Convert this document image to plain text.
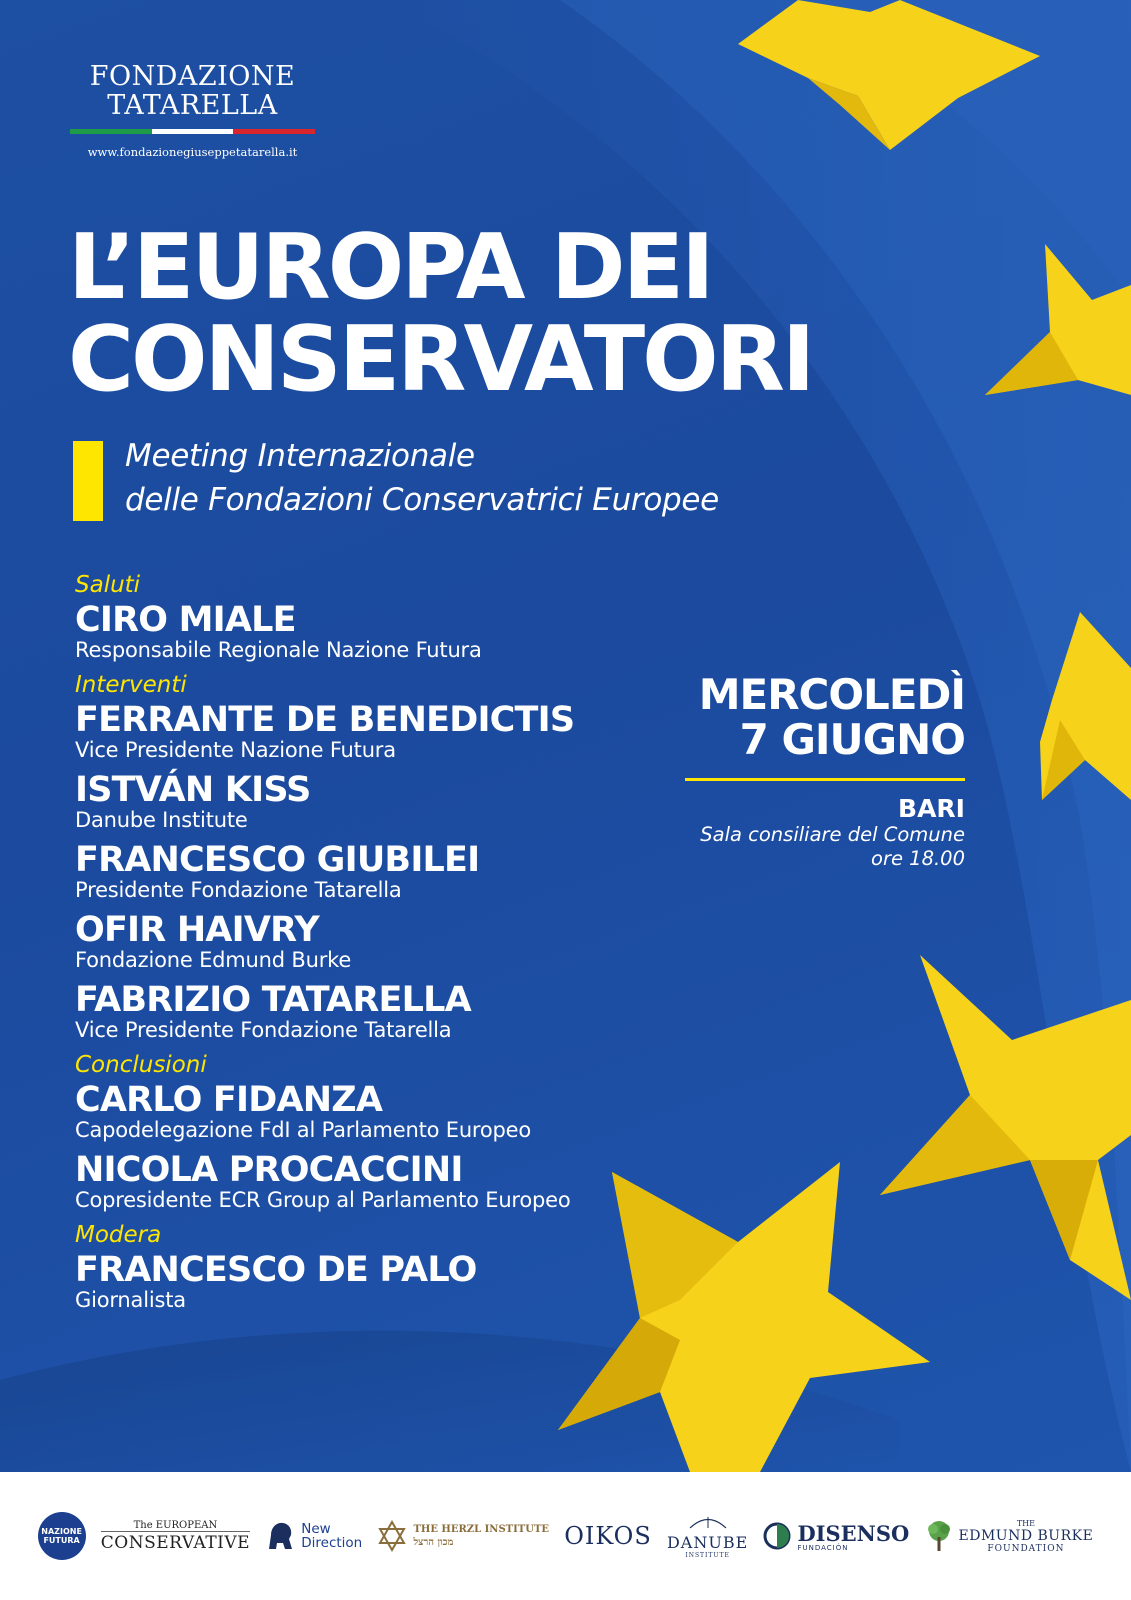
FONDAZIONE
TATARELLA
www.fondazionegiuseppetatarella.it
L’EUROPA DEI
CONSERVATORI
Meeting Internazionale
delle Fondazioni Conservatrici Europee
Saluti
CIRO MIALE
Responsabile Regionale Nazione Futura
Interventi
FERRANTE DE BENEDICTIS
Vice Presidente Nazione Futura
ISTVÁN KISS
Danube Institute
FRANCESCO GIUBILEI
Presidente Fondazione Tatarella
OFIR HAIVRY
Fondazione Edmund Burke
FABRIZIO TATARELLA
Vice Presidente Fondazione Tatarella
Conclusioni
CARLO FIDANZA
Capodelegazione FdI al Parlamento Europeo
NICOLA PROCACCINI
Copresidente ECR Group al Parlamento Europeo
Modera
FRANCESCO DE PALO
Giornalista
MERCOLEDÌ
7 GIUGNO
BARI
Sala consiliare del Comune
ore 18.00
NAZIONE
FUTURA
The EUROPEAN
CONSERVATIVE
New
Direction
THE HERZL INSTITUTE
מכון הרצל	OIKOS DANUBE
INSTITUTE
DISENSO
FUNDACIÓN
THE
EDMUND BURKE
FOUNDATION
